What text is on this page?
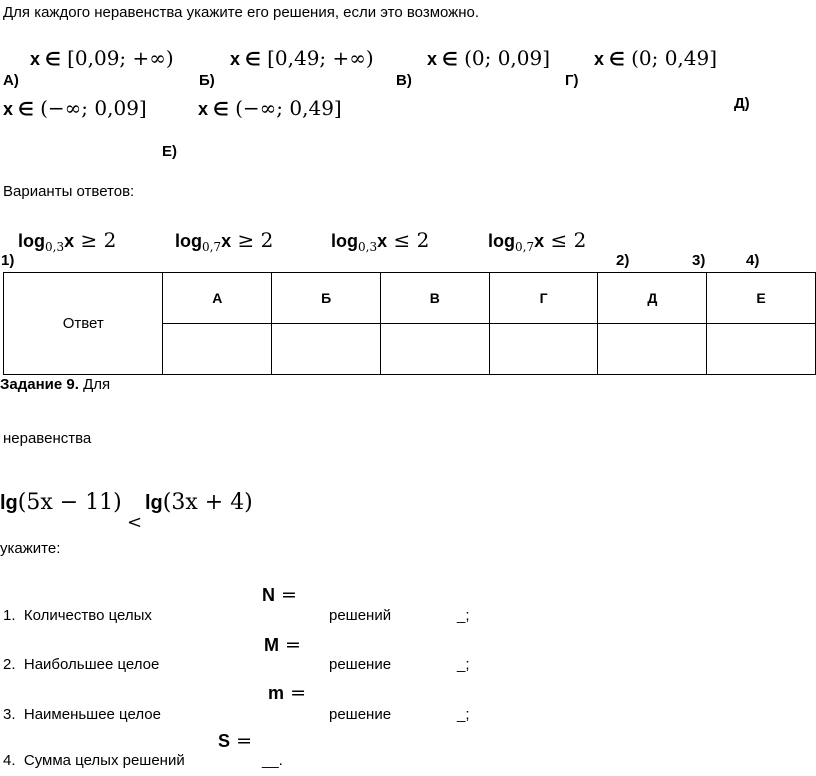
Для каждого неравенства укажите его решения, если это возможно.
x ∈ [0,09; +∞)
А)
x ∈ [0,49; +∞)
Б)
x ∈ (0; 0,09]
В)
x ∈ (0; 0,49]
Г)
x ∈ (−∞; 0,09]	Д)
x ∈ (−∞; 0,49]
Е)
Варианты ответов:
$\log_{0,3}x \ge 2$	$\log_{0,7}x \ge 2$	$\log_{0,3}x \le 2$	$\log_{0,7}x \le 2$
1)	2)	3)	4)
Ответ	А	Б	В	Г	Д	Е

Задание 9. Для
неравенства
lg(5x − 11)
<
lg(3x + 4)
укажите:
N =
1. Количество целых	решений	_;
M =
2. Наибольшее целое	решение	_;
m =
3. Наименьшее целое	решение	_;
S =
4. Сумма целых решений	__.
